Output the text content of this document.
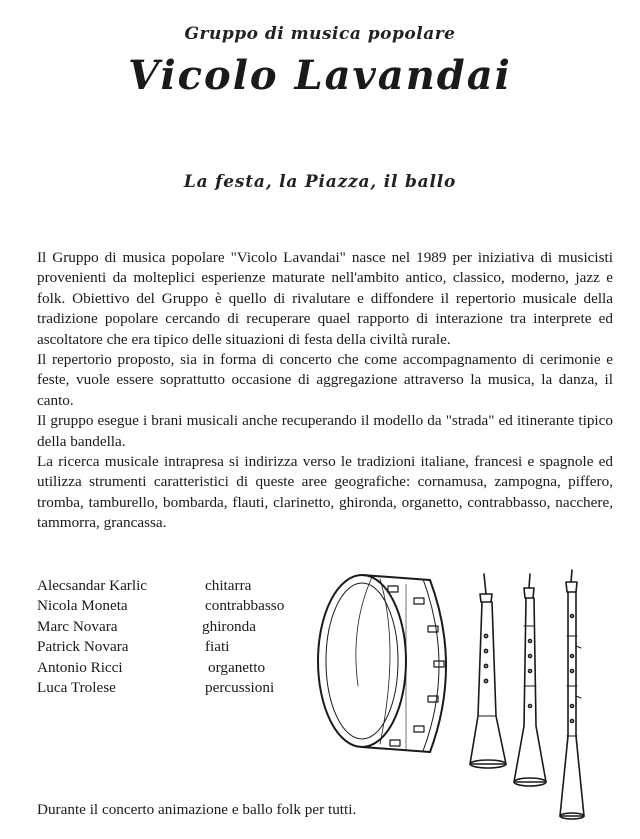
Gruppo di musica popolare
Vicolo Lavandai
La festa, la Piazza, il ballo

Il Gruppo di musica popolare "Vicolo Lavandai" nasce nel 1989 per iniziativa di musicisti provenienti da molteplici esperienze maturate nell'ambito antico, classico, moderno, jazz e folk. Obiettivo del Gruppo è quello di rivalutare e diffondere il repertorio musicale della tradizione popolare cercando di recuperare quael rapporto di interazione tra interprete ed ascoltatore che era tipico delle situazioni di festa della civiltà rurale.

Il repertorio proposto, sia in forma di concerto che come accompagnamento di cerimonie e feste, vuole essere soprattutto occasione di aggregazione attraverso la musica, la danza, il canto.

Il gruppo esegue i brani musicali anche recuperando il modello da "strada" ed itinerante tipico della bandella.

La ricerca musicale intrapresa si indirizza verso le tradizioni italiane, francesi e spagnole ed utilizza strumenti caratteristici di queste aree geografiche: cornamusa, zampogna, piffero, tromba, tamburello, bombarda, flauti, clarinetto, ghironda, organetto, contrabbasso, nacchere, tammorra, grancassa.

Alecsandar Karlic	chitarra
Nicola Moneta	contrabbasso
Marc Novara	ghironda
Patrick Novara	fiati
Antonio Ricci	organetto
Luca Trolese	percussioni
Durante il concerto animazione e ballo folk per tutti.
